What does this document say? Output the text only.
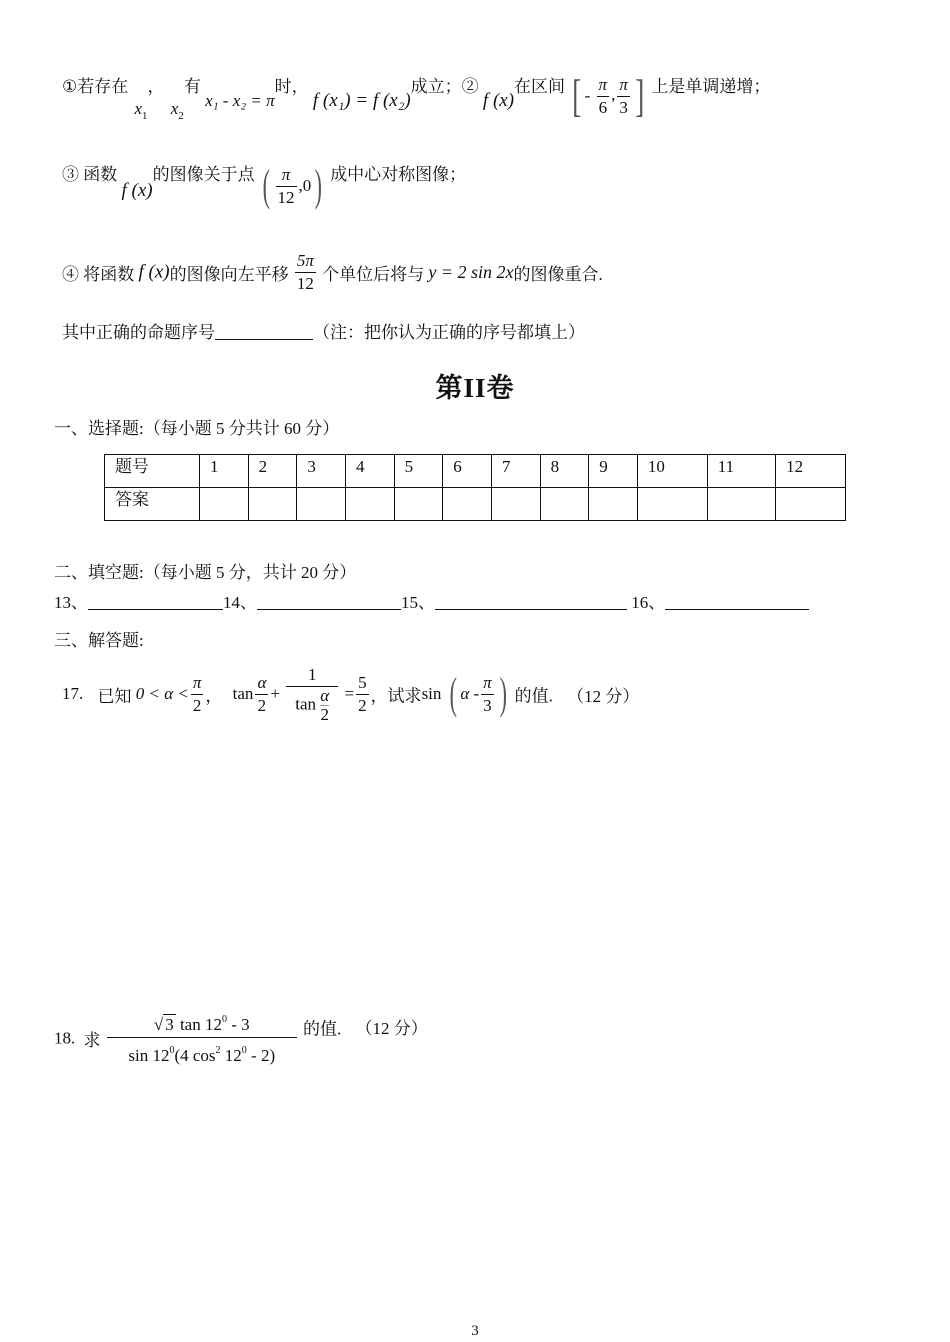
①若存在 $x_1$， $x_2$有 x₁ - x₂ = π时， f (x₁) = f (x₂)成立；② f (x)在区间 [ - $\frac{\pi}{6}$ , $\frac{\pi}{3}$ ] 上是单调递增；
③ 函数 f (x)的图像关于点 ( $\frac{\pi}{12} ,0$) 成中心对称图像；
④ 将函数 f (x)的图像向左平移 $\frac{5\pi}{12}$ 个单位后将与 y = 2 sin 2x的图像重合.
其中正确的命题序号	（注：把你认为正确的序号都填上）
第II卷
一、选择题:（每小题 5 分共计 60 分）
题号	1	2	3	4	5	6	7	8	9	10	11	12
答案												
二、填空题:（每小题 5 分，共计 20 分）
13、	14、	15、	16、
三、解答题:
17. 已知 $0 < \alpha < \frac{\pi}{2}$ ， $\tan \frac{\alpha}{2} + \frac{1}{\tan \frac{\alpha}{2}} = \frac{5}{2}$ ，试求sin ( α - $\frac{\pi}{3}$ ) 的值. （12 分）
18. 求 $\frac{√ 3 \tan 12^0 - 3}{\sin 12^0(4 \cos^2 12^0 - 2)}$ 的值. （12 分）
3
